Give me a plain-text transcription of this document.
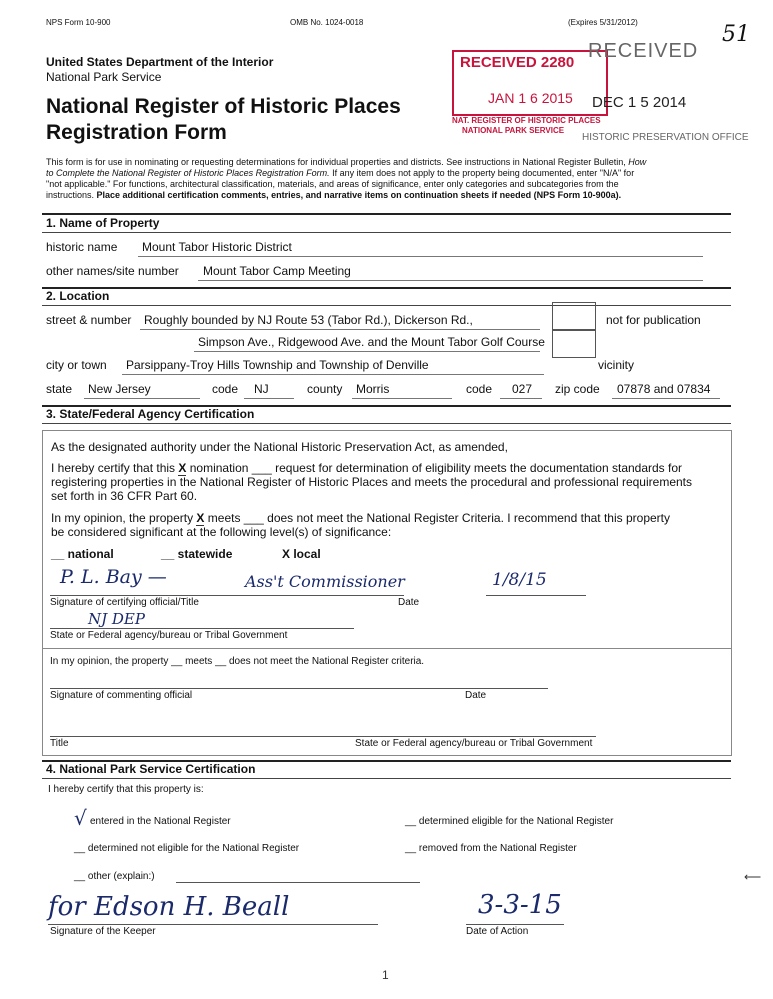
NPS Form 10-900	OMB No. 1024-0018	(Expires 5/31/2012)	51
United States Department of the Interior
National Park Service
National Register of Historic Places
Registration Form
RECEIVED 2280
JAN 1 6 2015
NAT. REGISTER OF HISTORIC PLACES
NATIONAL PARK SERVICE
RECEIVED
DEC 1 5 2014
HISTORIC PRESERVATION OFFICE
This form is for use in nominating or requesting determinations for individual properties and districts. See instructions in National Register Bulletin, How
to Complete the National Register of Historic Places Registration Form. If any item does not apply to the property being documented, enter "N/A" for
"not applicable." For functions, architectural classification, materials, and areas of significance, enter only categories and subcategories from the
instructions. Place additional certification comments, entries, and narrative items on continuation sheets if needed (NPS Form 10-900a).
1. Name of Property
historic name Mount Tabor Historic District
other names/site number Mount Tabor Camp Meeting
2. Location
street & number Roughly bounded by NJ Route 53 (Tabor Rd.), Dickerson Rd.,
Simpson Ave., Ridgewood Ave. and the Mount Tabor Golf Course
not for publication
city or town Parsippany-Troy Hills Township and Township of Denville	vicinity
state New Jersey	code NJ	county Morris	code 027 zip code 07878 and 07834
3. State/Federal Agency Certification
As the designated authority under the National Historic Preservation Act, as amended,
I hereby certify that this X nomination ___ request for determination of eligibility meets the documentation standards for
registering properties in the National Register of Historic Places and meets the procedural and professional requirements
set forth in 36 CFR Part 60.
In my opinion, the property X meets ___ does not meet the National Register Criteria. I recommend that this property
be considered significant at the following level(s) of significance:
__ national	__ statewide	X local
P. L. Bay —	Ass't Commissioner	1/8/15
Signature of certifying official/Title	Date
NJ DEP
State or Federal agency/bureau or Tribal Government
In my opinion, the property __ meets __ does not meet the National Register criteria.
Signature of commenting official	Date
Title	State or Federal agency/bureau or Tribal Government
4. National Park Service Certification
I hereby certify that this property is:
√ entered in the National Register	__ determined eligible for the National Register
__ determined not eligible for the National Register	__ removed from the National Register
__ other (explain:)
for Edson H. Beall	3-3-15
Signature of the Keeper	Date of Action
⟵
1
